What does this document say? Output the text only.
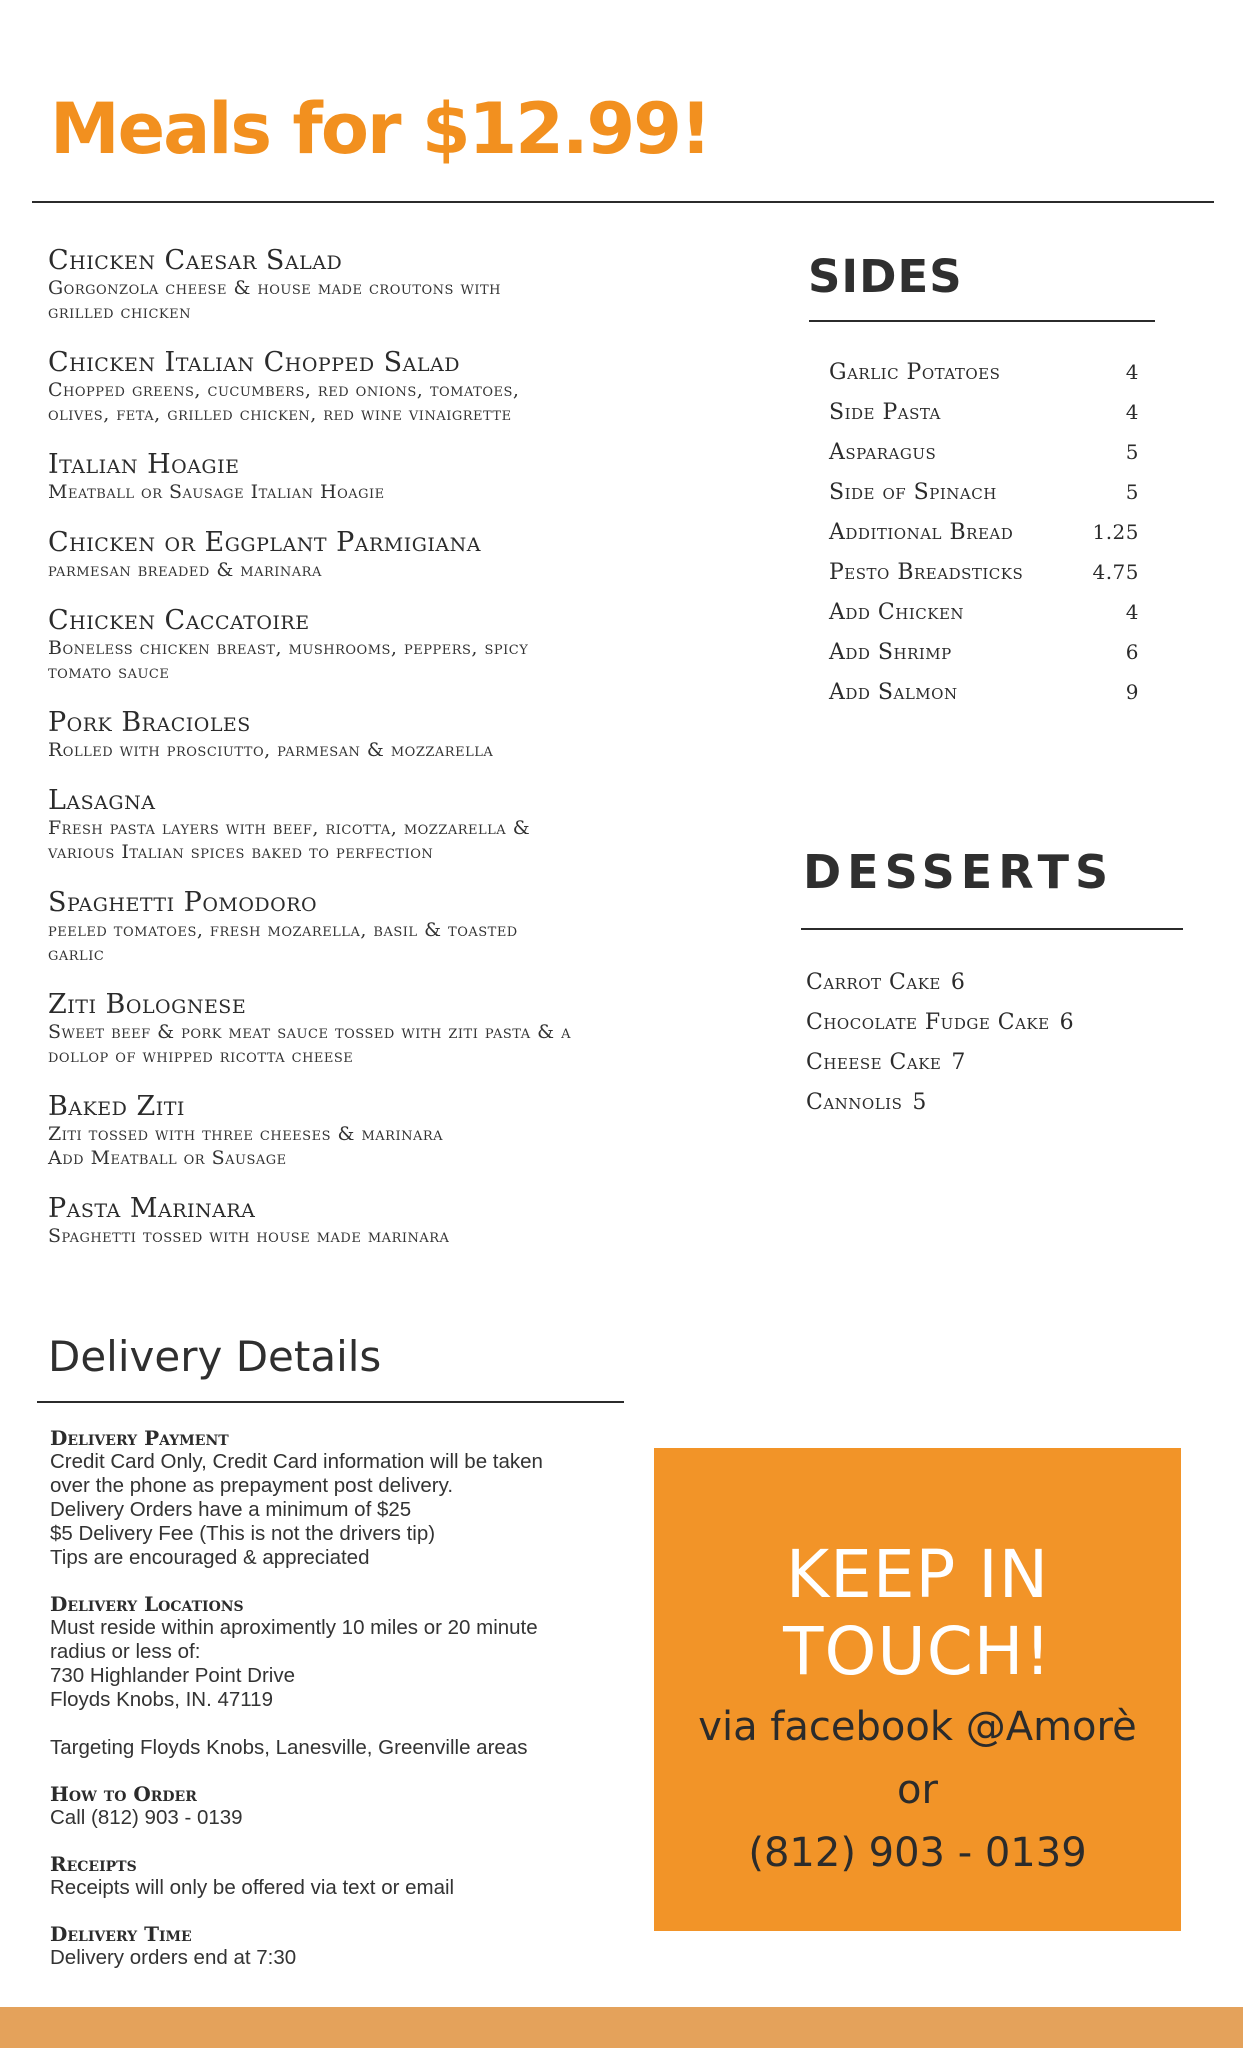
Meals for $12.99!
Chicken Caesar Salad
Gorgonzola cheese & house made croutons with
grilled chicken
Chicken Italian Chopped Salad
Chopped greens, cucumbers, red onions, tomatoes,
olives, feta, grilled chicken, red wine vinaigrette
Italian Hoagie
Meatball or Sausage Italian Hoagie
Chicken or Eggplant Parmigiana
parmesan breaded & marinara
Chicken Caccatoire
Boneless chicken breast, mushrooms, peppers, spicy
tomato sauce
Pork Bracioles
Rolled with prosciutto, parmesan & mozzarella
Lasagna
Fresh pasta layers with beef, ricotta, mozzarella &
various Italian spices baked to perfection
Spaghetti Pomodoro
peeled tomatoes, fresh mozarella, basil & toasted
garlic
Ziti Bolognese
Sweet beef & pork meat sauce tossed with ziti pasta & a
dollop of whipped ricotta cheese
Baked Ziti
Ziti tossed with three cheeses & marinara
Add Meatball or Sausage
Pasta Marinara
Spaghetti tossed with house made marinara
SIDES
Garlic Potatoes	4
Side Pasta	4
Asparagus	5
Side of Spinach	5
Additional Bread	1.25
Pesto Breadsticks	4.75
Add Chicken	4
Add Shrimp	6
Add Salmon	9
DESSERTS
Carrot Cake 6
Chocolate Fudge Cake 6
Cheese Cake 7
Cannolis 5
Delivery Details
Delivery Payment
Credit Card Only, Credit Card information will be taken
over the phone as prepayment post delivery.
Delivery Orders have a minimum of $25
$5 Delivery Fee (This is not the drivers tip)
Tips are encouraged & appreciated
Delivery Locations
Must reside within aproximently 10 miles or 20 minute
radius or less of:
730 Highlander Point Drive
Floyds Knobs, IN. 47119

Targeting Floyds Knobs, Lanesville, Greenville areas
How to Order
Call (812) 903 - 0139
Receipts
Receipts will only be offered via text or email
Delivery Time
Delivery orders end at 7:30
KEEP IN TOUCH!
via facebook @Amorè
or
(812) 903 - 0139
